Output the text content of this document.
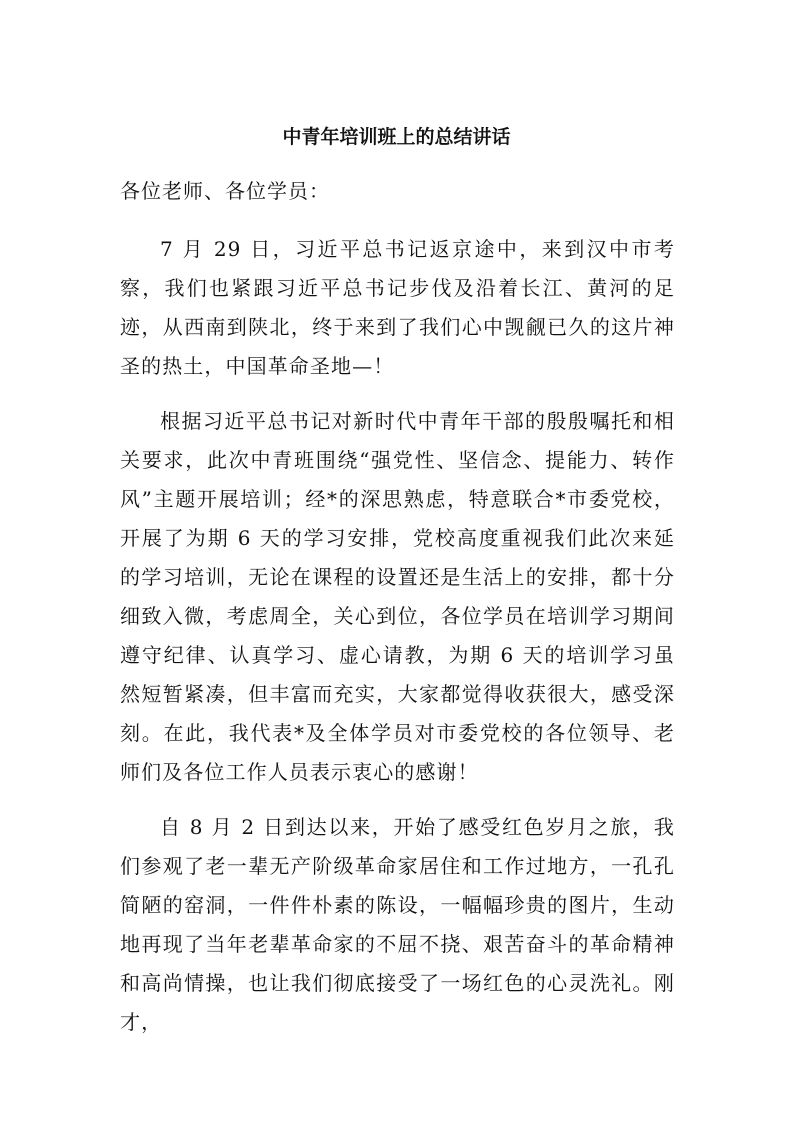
中青年培训班上的总结讲话

各位老师、各位学员：

7 月 29 日，习近平总书记返京途中，来到汉中市考察，我们也紧跟习近平总书记步伐及沿着长江、黄河的足迹，从西南到陕北，终于来到了我们心中觊觎已久的这片神圣的热土，中国革命圣地—！

根据习近平总书记对新时代中青年干部的殷殷嘱托和相关要求，此次中青班围绕“强党性、坚信念、提能力、转作风”主题开展培训；经*的深思熟虑，特意联合*市委党校，开展了为期 6 天的学习安排，党校高度重视我们此次来延的学习培训，无论在课程的设置还是生活上的安排，都十分细致入微，考虑周全，关心到位，各位学员在培训学习期间遵守纪律、认真学习、虚心请教，为期 6 天的培训学习虽然短暂紧凑，但丰富而充实，大家都觉得收获很大，感受深刻。在此，我代表*及全体学员对市委党校的各位领导、老师们及各位工作人员表示衷心的感谢！

自 8 月 2 日到达以来，开始了感受红色岁月之旅，我们参观了老一辈无产阶级革命家居住和工作过地方，一孔孔简陋的窑洞，一件件朴素的陈设，一幅幅珍贵的图片，生动地再现了当年老辈革命家的不屈不挠、艰苦奋斗的革命精神和高尚情操，也让我们彻底接受了一场红色的心灵洗礼。刚才，
